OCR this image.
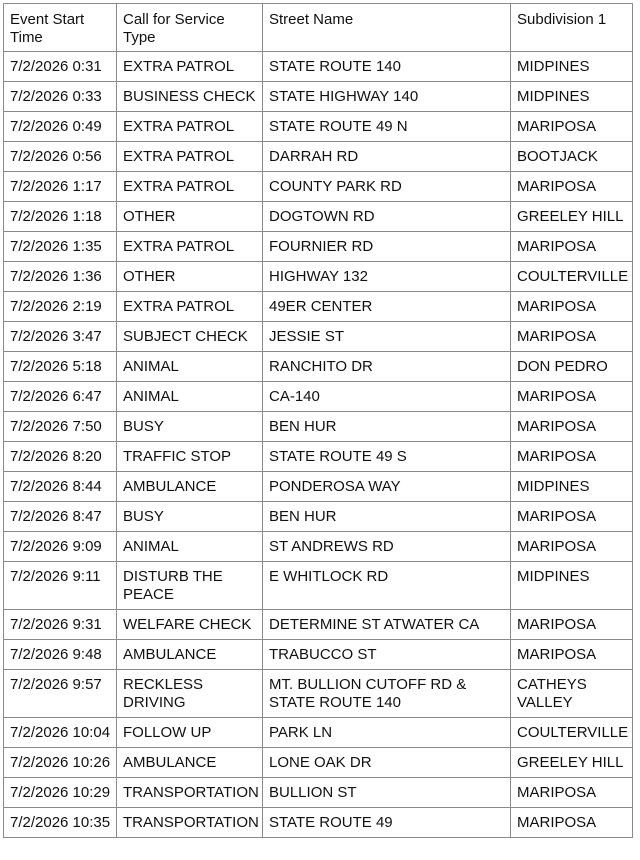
Event Start Time	Call for Service Type	Street Name	Subdivision 1
7/2/2026 0:31	EXTRA PATROL	STATE ROUTE 140	MIDPINES
7/2/2026 0:33	BUSINESS CHECK	STATE HIGHWAY 140	MIDPINES
7/2/2026 0:49	EXTRA PATROL	STATE ROUTE 49 N	MARIPOSA
7/2/2026 0:56	EXTRA PATROL	DARRAH RD	BOOTJACK
7/2/2026 1:17	EXTRA PATROL	COUNTY PARK RD	MARIPOSA
7/2/2026 1:18	OTHER	DOGTOWN RD	GREELEY HILL
7/2/2026 1:35	EXTRA PATROL	FOURNIER RD	MARIPOSA
7/2/2026 1:36	OTHER	HIGHWAY 132	COULTERVILLE
7/2/2026 2:19	EXTRA PATROL	49ER CENTER	MARIPOSA
7/2/2026 3:47	SUBJECT CHECK	JESSIE ST	MARIPOSA
7/2/2026 5:18	ANIMAL	RANCHITO DR	DON PEDRO
7/2/2026 6:47	ANIMAL	CA-140	MARIPOSA
7/2/2026 7:50	BUSY	BEN HUR	MARIPOSA
7/2/2026 8:20	TRAFFIC STOP	STATE ROUTE 49 S	MARIPOSA
7/2/2026 8:44	AMBULANCE	PONDEROSA WAY	MIDPINES
7/2/2026 8:47	BUSY	BEN HUR	MARIPOSA
7/2/2026 9:09	ANIMAL	ST ANDREWS RD	MARIPOSA
7/2/2026 9:11	DISTURB THE PEACE	E WHITLOCK RD	MIDPINES
7/2/2026 9:31	WELFARE CHECK	DETERMINE ST ATWATER CA	MARIPOSA
7/2/2026 9:48	AMBULANCE	TRABUCCO ST	MARIPOSA
7/2/2026 9:57	RECKLESS DRIVING	MT. BULLION CUTOFF RD & STATE ROUTE 140	CATHEYS VALLEY
7/2/2026 10:04	FOLLOW UP	PARK LN	COULTERVILLE
7/2/2026 10:26	AMBULANCE	LONE OAK DR	GREELEY HILL
7/2/2026 10:29	TRANSPORTATION	BULLION ST	MARIPOSA
7/2/2026 10:35	TRANSPORTATION	STATE ROUTE 49	MARIPOSA
